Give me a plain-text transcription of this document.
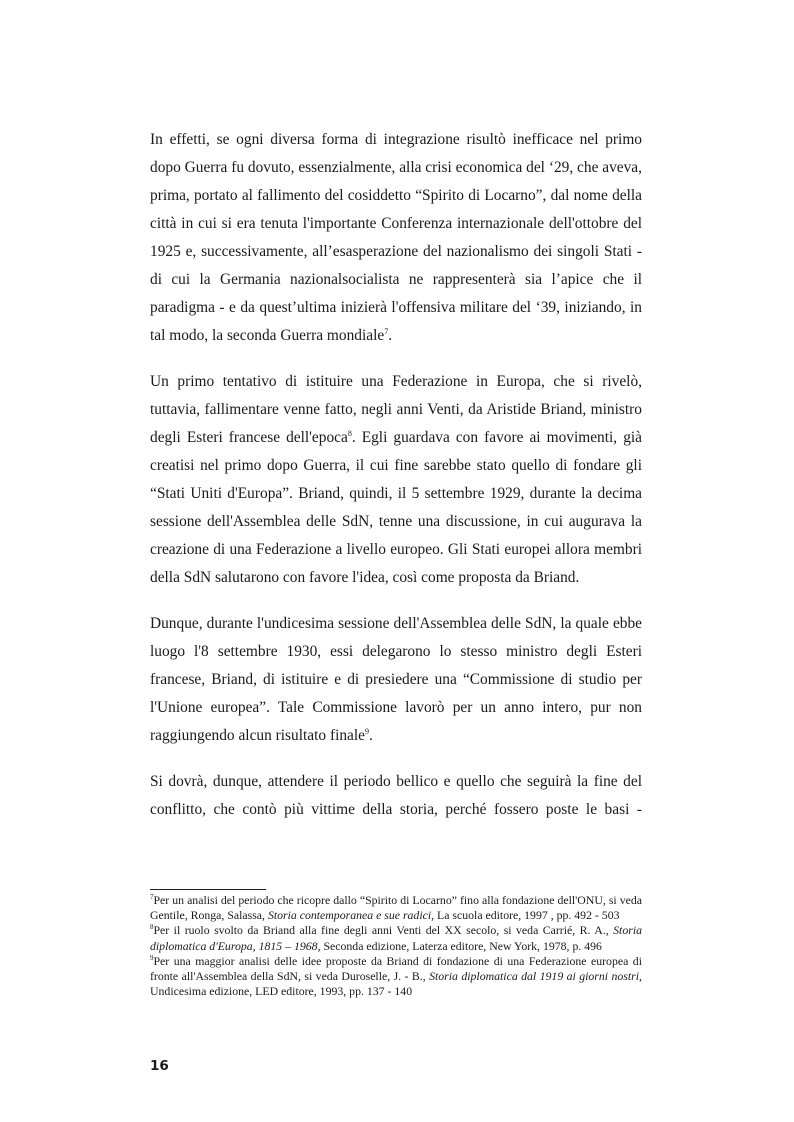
In effetti, se ogni diversa forma di integrazione risultò inefficace nel primo dopo Guerra fu dovuto, essenzialmente, alla crisi economica del ‘29, che aveva, prima, portato al fallimento del cosiddetto “Spirito di Locarno”, dal nome della città in cui si era tenuta l'importante Conferenza internazionale dell'ottobre del 1925 e, successivamente, all’esasperazione del nazionalismo dei singoli Stati - di cui la Germania nazionalsocialista ne rappresenterà sia l’apice che il paradigma - e da quest’ultima inizierà l'offensiva militare del ‘39, iniziando, in tal modo, la seconda Guerra mondiale$^7$.

Un primo tentativo di istituire una Federazione in Europa, che si rivelò, tuttavia, fallimentare venne fatto, negli anni Venti, da Aristide Briand, ministro degli Esteri francese dell'epoca$^8$. Egli guardava con favore ai movimenti, già creatisi nel primo dopo Guerra, il cui fine sarebbe stato quello di fondare gli “Stati Uniti d'Europa”. Briand, quindi, il 5 settembre 1929, durante la decima sessione dell'Assemblea delle SdN, tenne una discussione, in cui augurava la creazione di una Federazione a livello europeo. Gli Stati europei allora membri della SdN salutarono con favore l'idea, così come proposta da Briand.

Dunque, durante l'undicesima sessione dell'Assemblea delle SdN, la quale ebbe luogo l'8 settembre 1930, essi delegarono lo stesso ministro degli Esteri francese, Briand, di istituire e di presiedere una “Commissione di studio per l'Unione europea”. Tale Commissione lavorò per un anno intero, pur non raggiungendo alcun risultato finale$^9$.

Si dovrà, dunque, attendere il periodo bellico e quello che seguirà la fine del conflitto, che contò più vittime della storia, perché fossero poste le basi -

$^7$Per un analisi del periodo che ricopre dallo “Spirito di Locarno” fino alla fondazione dell'ONU, si veda Gentile, Ronga, Salassa, Storia contemporanea e sue radici, La scuola editore, 1997 , pp. 492 - 503

$^8$Per il ruolo svolto da Briand alla fine degli anni Venti del XX secolo, si veda Carrié, R. A., Storia diplomatica d'Europa, 1815 – 1968, Seconda edizione, Laterza editore, New York, 1978, p. 496

$^9$Per una maggior analisi delle idee proposte da Briand di fondazione di una Federazione europea di fronte all'Assemblea della SdN, si veda Duroselle, J. - B., Storia diplomatica dal 1919 ai giorni nostri, Undicesima edizione, LED editore, 1993, pp. 137 - 140

16
